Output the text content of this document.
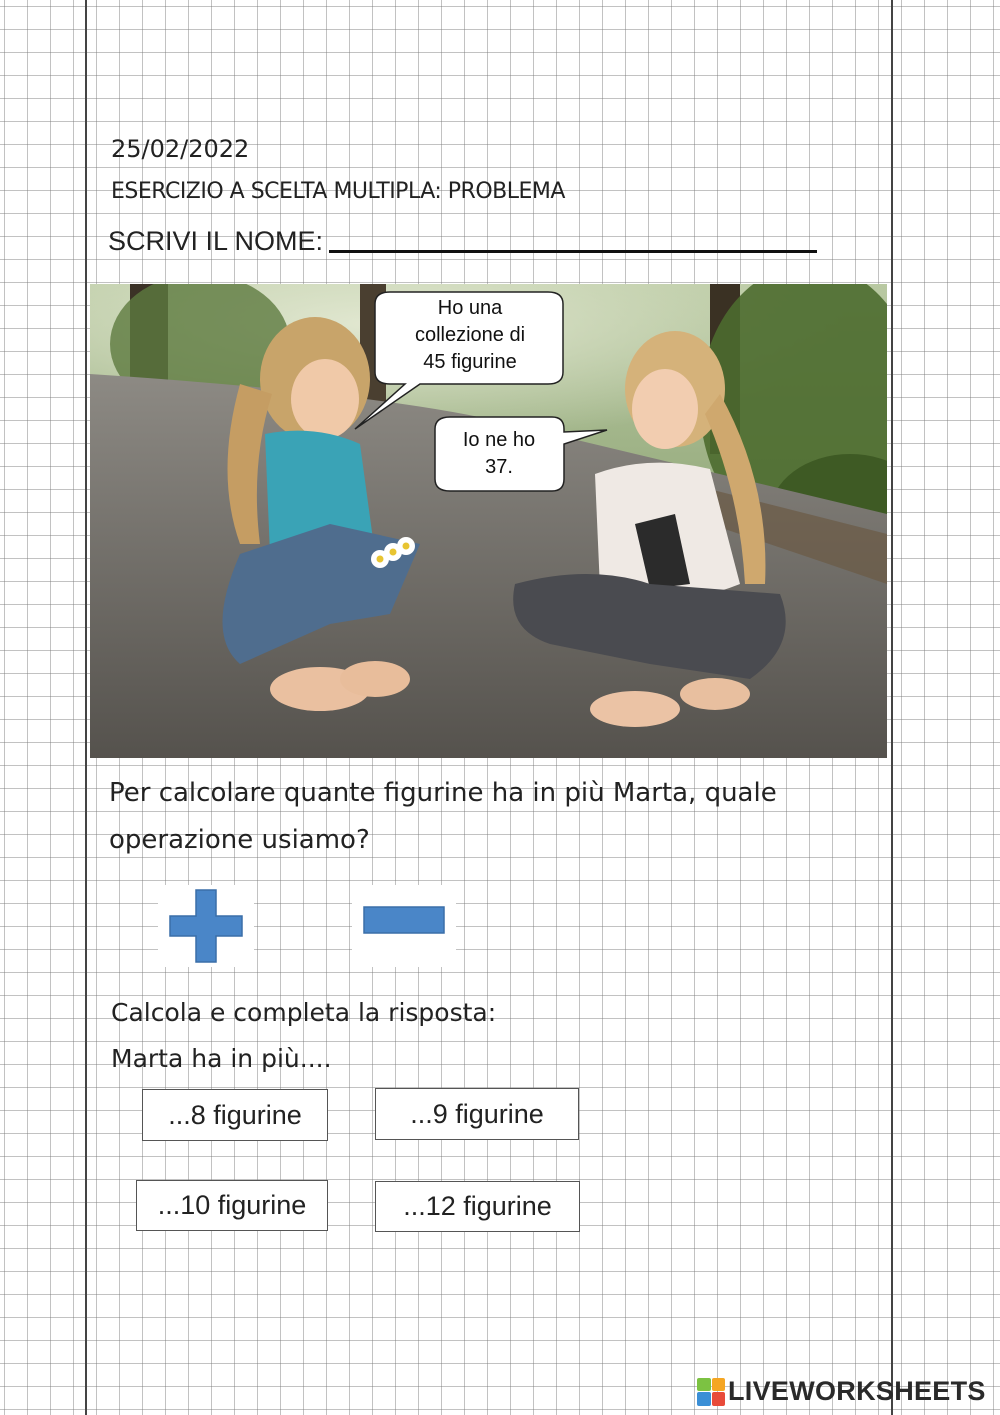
25/02/2022
ESERCIZIO A SCELTA MULTIPLA: PROBLEMA
SCRIVI IL NOME:
Ho una
collezione di
45 figurine
Io ne ho
37.
Per calcolare quante figurine ha in più Marta, quale
operazione usiamo?
Calcola e completa la risposta:
Marta ha in più....
...8 figurine	...9 figurine
...10 figurine	...12 figurine
LIVEWORKSHEETS
